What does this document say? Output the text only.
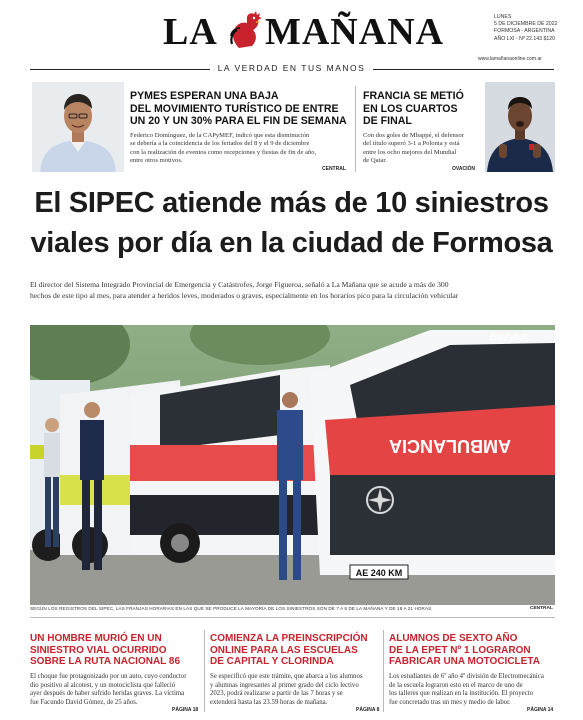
LA MAÑANA	LUNES
5 DE DICIEMBRE DE 2022
FORMOSA - ARGENTINA
AÑO LXI - Nº 22.143 $120
www.lamañanaonline.com.ar
LA VERDAD EN TUS MANOS
PYMES ESPERAN UNA BAJA
DEL MOVIMIENTO TURÍSTICO DE ENTRE
UN 20 Y UN 30% PARA EL FIN DE SEMANA
Federico Domínguez, de la CAPyMEF, indicó que esta disminución
se debería a la coincidencia de los feriados del 8 y el 9 de diciembre
con la realización de eventos como recepciones y fiestas de fin de año,
entre otros motivos.
CENTRAL
FRANCIA SE METIÓ
EN LOS CUARTOS
DE FINAL
Con dos goles de Mbappé, el defensor
del título superó 3-1 a Polonia y está
entre los ocho mejores del Mundial
de Qatar.
OVACIÓN
El SIPEC atiende más de 10 siniestros
viales por día en la ciudad de Formosa
El director del Sistema Integrado Provincial de Emergencia y Catástrofes, Jorge Figueroa, señaló a La Mañana que se acude a más de 300
hechos de este tipo al mes, para atender a heridos leves, moderados o graves, especialmente en los horarios pico para la circulación vehicular
AMBULANCIA
Bazyluk
AE 240 KM
SEGÚN LOS REGISTROS DEL SIPEC, LAS FRANJAS HORARIAS EN LAS QUE SE PRODUCE LA MAYORÍA DE LOS SINIESTROS SON DE 7 A 8 DE LA MAÑANA Y DE 18 A 21 HORAS.	CENTRAL
UN HOMBRE MURIÓ EN UN
SINIESTRO VIAL OCURRIDO
SOBRE LA RUTA NACIONAL 86
El choque fue protagonizado por un auto, cuyo conductor
dio positivo al alcotest, y un motociclista que falleció
ayer después de haber sufrido heridas graves. La víctima
fue Facundo David Gómez, de 25 años.
PÁGINA 18
COMIENZA LA PREINSCRIPCIÓN
ONLINE PARA LAS ESCUELAS
DE CAPITAL Y CLORINDA
Se especificó que este trámite, que abarca a los alumnos
y alumnas ingresantes al primer grado del ciclo lectivo
2023, podrá realizarse a partir de las 7 horas y se
extenderá hasta las 23.59 horas de mañana.
PÁGINA 8
ALUMNOS DE SEXTO AÑO
DE LA EPET Nº 1 LOGRARON
FABRICAR UNA MOTOCICLETA
Los estudiantes de 6º año 4º división de Electromecánica
de la escuela lograron esto en el marco de uno de
los talleres que realizan en la institución. El proyecto
fue concretado tras un mes y medio de labor.
PÁGINA 14
